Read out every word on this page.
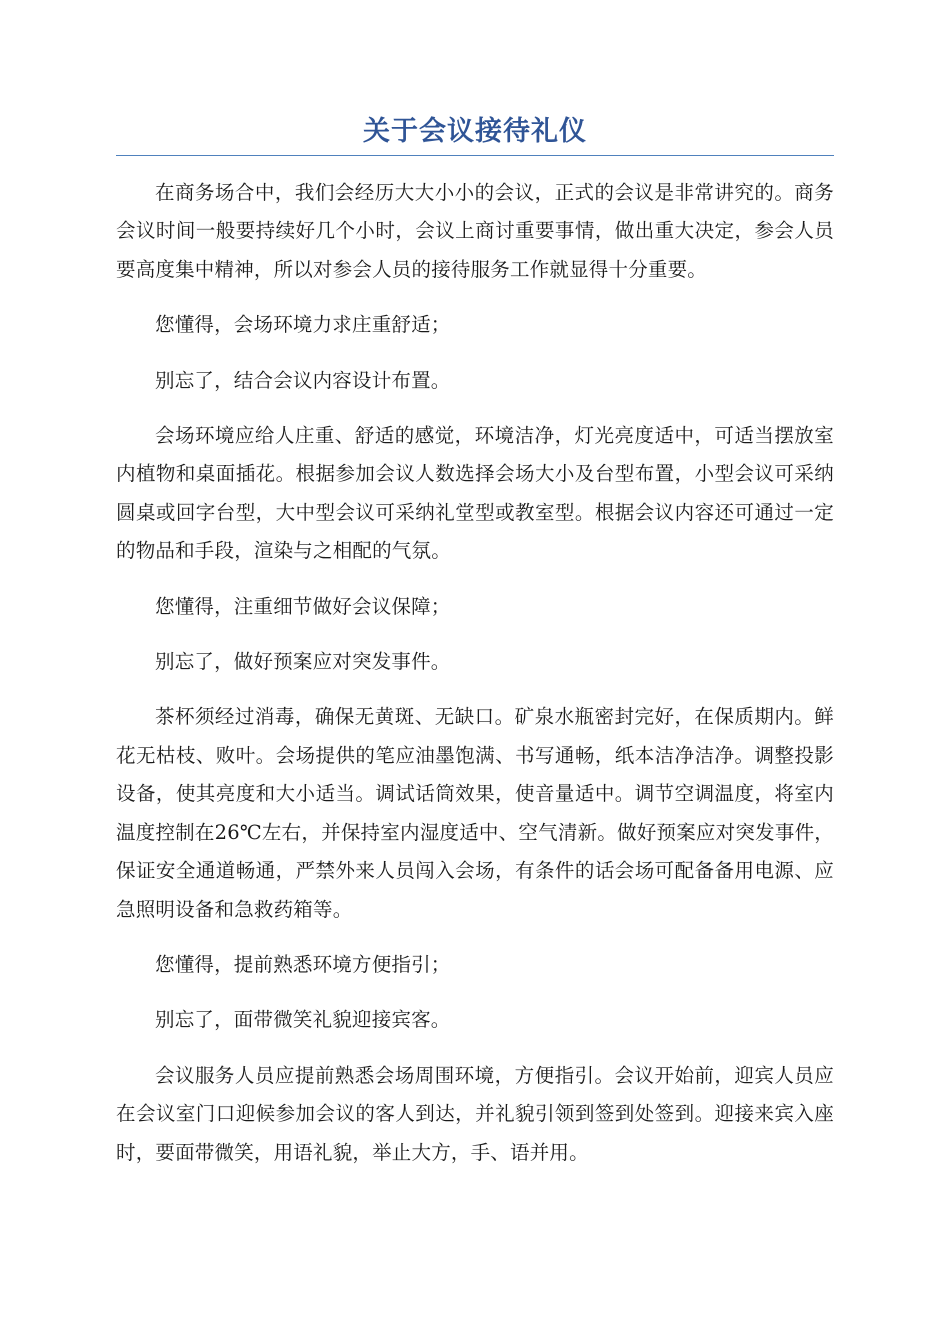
关于会议接待礼仪

在商务场合中，我们会经历大大小小的会议，正式的会议是非常讲究的。商务会议时间一般要持续好几个小时，会议上商讨重要事情，做出重大决定，参会人员要高度集中精神，所以对参会人员的接待服务工作就显得十分重要。

您懂得，会场环境力求庄重舒适；

别忘了，结合会议内容设计布置。

会场环境应给人庄重、舒适的感觉，环境洁净，灯光亮度适中，可适当摆放室内植物和桌面插花。根据参加会议人数选择会场大小及台型布置，小型会议可采纳圆桌或回字台型，大中型会议可采纳礼堂型或教室型。根据会议内容还可通过一定的物品和手段，渲染与之相配的气氛。

您懂得，注重细节做好会议保障；

别忘了，做好预案应对突发事件。

茶杯须经过消毒，确保无黄斑、无缺口。矿泉水瓶密封完好，在保质期内。鲜花无枯枝、败叶。会场提供的笔应油墨饱满、书写通畅，纸本洁净洁净。调整投影设备，使其亮度和大小适当。调试话筒效果，使音量适中。调节空调温度，将室内温度控制在26℃左右，并保持室内湿度适中、空气清新。做好预案应对突发事件，保证安全通道畅通，严禁外来人员闯入会场，有条件的话会场可配备备用电源、应急照明设备和急救药箱等。

您懂得，提前熟悉环境方便指引；

别忘了，面带微笑礼貌迎接宾客。

会议服务人员应提前熟悉会场周围环境，方便指引。会议开始前，迎宾人员应在会议室门口迎候参加会议的客人到达，并礼貌引领到签到处签到。迎接来宾入座时，要面带微笑，用语礼貌，举止大方，手、语并用。
